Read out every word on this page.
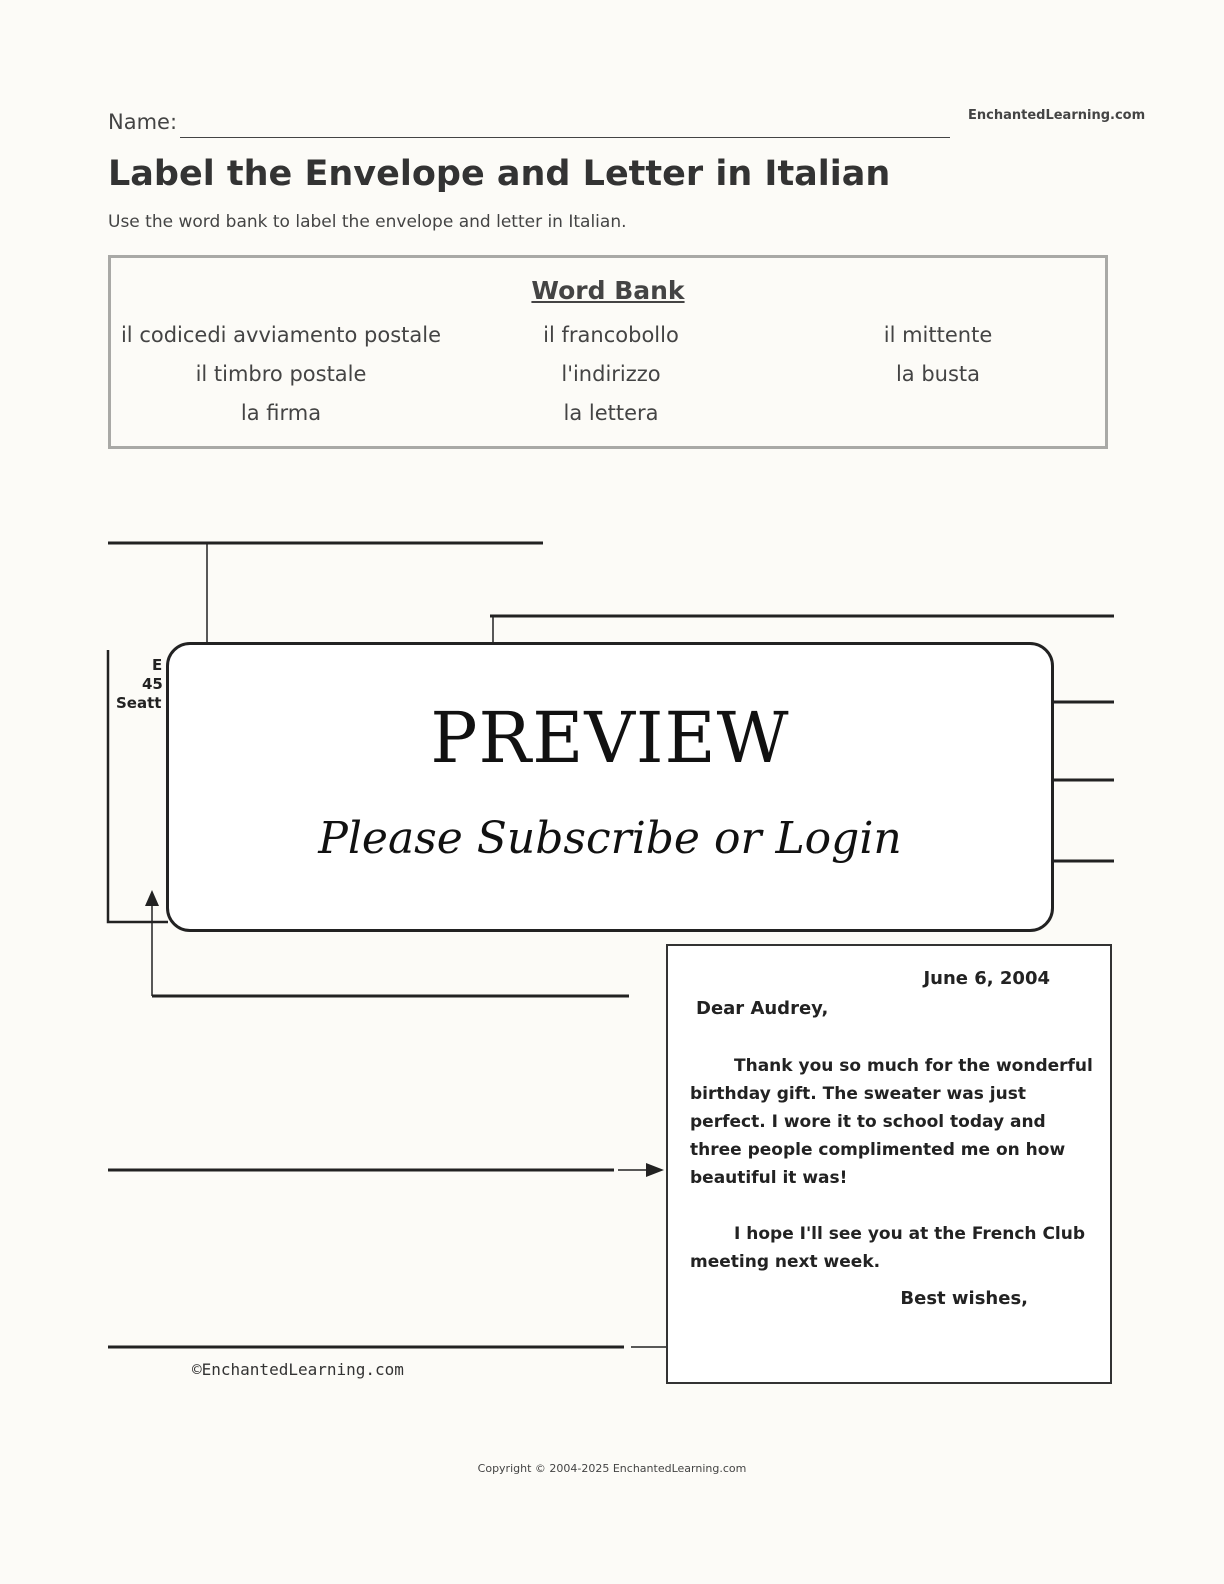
Name:	EnchantedLearning.com
Label the Envelope and Letter in Italian
Use the word bank to label the envelope and letter in Italian.
Word Bank
il codicedi avviamento postale	il francobollo	il mittente
il timbro postale	l'indirizzo	la busta
la firma	la lettera
E
45
Seatt	PREVIEW
Please Subscribe or Login
June 6, 2004
Dear Audrey,

Thank you so much for the wonderful birthday gift. The sweater was just perfect. I wore it to school today and three people complimented me on how beautiful it was!

I hope I'll see you at the French Club meeting next week.

Best wishes,
©EnchantedLearning.com
Copyright © 2004-2025 EnchantedLearning.com
